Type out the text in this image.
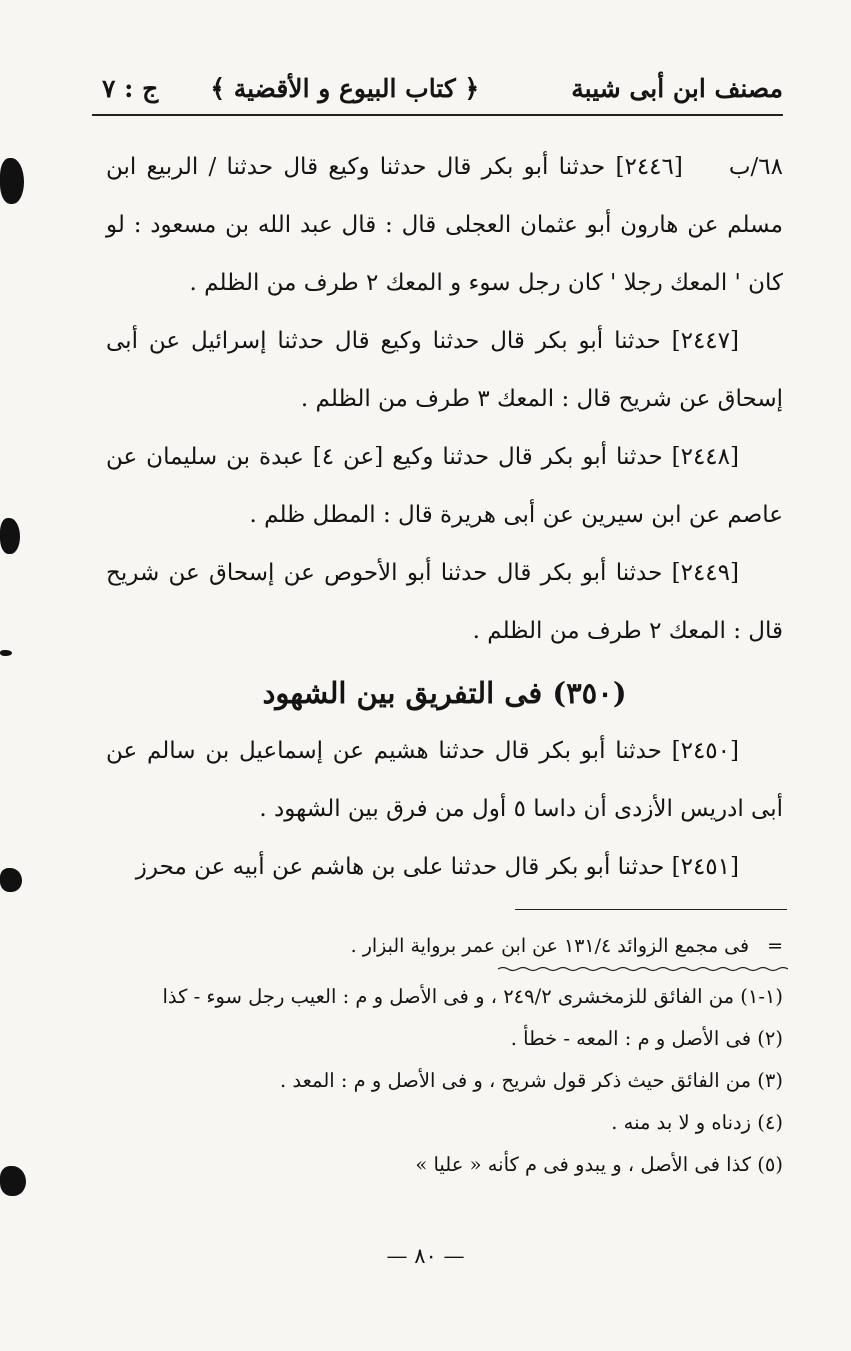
مصنف ابن أبى شيبة
﴿ كتاب البيوع و الأقضية ﴾
ج : ٧

٦٨/ب[٢٤٤٦] حدثنا أبو بكر قال حدثنا وكيع قال حدثنا / الربيع ابن مسلم عن هارون أبو عثمان العجلى قال : قال عبد الله بن مسعود : لو كان ' المعك رجلا ' كان رجل سوء و المعك ٢ طرف من الظلم .

[٢٤٤٧] حدثنا أبو بكر قال حدثنا وكيع قال حدثنا إسرائيل عن أبى إسحاق عن شريح قال : المعك ٣ طرف من الظلم .

[٢٤٤٨] حدثنا أبو بكر قال حدثنا وكيع [عن ٤] عبدة بن سليمان عن عاصم عن ابن سيرين عن أبى هريرة قال : المطل ظلم .

[٢٤٤٩] حدثنا أبو بكر قال حدثنا أبو الأحوص عن إسحاق عن شريح قال : المعك ٢ طرف من الظلم .

(٣٥٠) فى التفريق بين الشهود

[٢٤٥٠] حدثنا أبو بكر قال حدثنا هشيم عن إسماعيل بن سالم عن أبى ادريس الأزدى أن داسا ٥ أول من فرق بين الشهود .

[٢٤٥١] حدثنا أبو بكر قال حدثنا على بن هاشم عن أبيه عن محرز

=فى مجمع الزوائد ١٣١/٤ عن ابن عمر برواية البزار .

(١-١) من الفائق للزمخشرى ٢٤٩/٢ ، و فى الأصل و م : العيب رجل سوء - كذا

(٢) فى الأصل و م : المعه - خطأ .

(٣) من الفائق حيث ذكر قول شريح ، و فى الأصل و م : المعد .

(٤) زدناه و لا بد منه .

(٥) كذا فى الأصل ، و يبدو فى م كأنه « عليا »

— ٨٠ —
